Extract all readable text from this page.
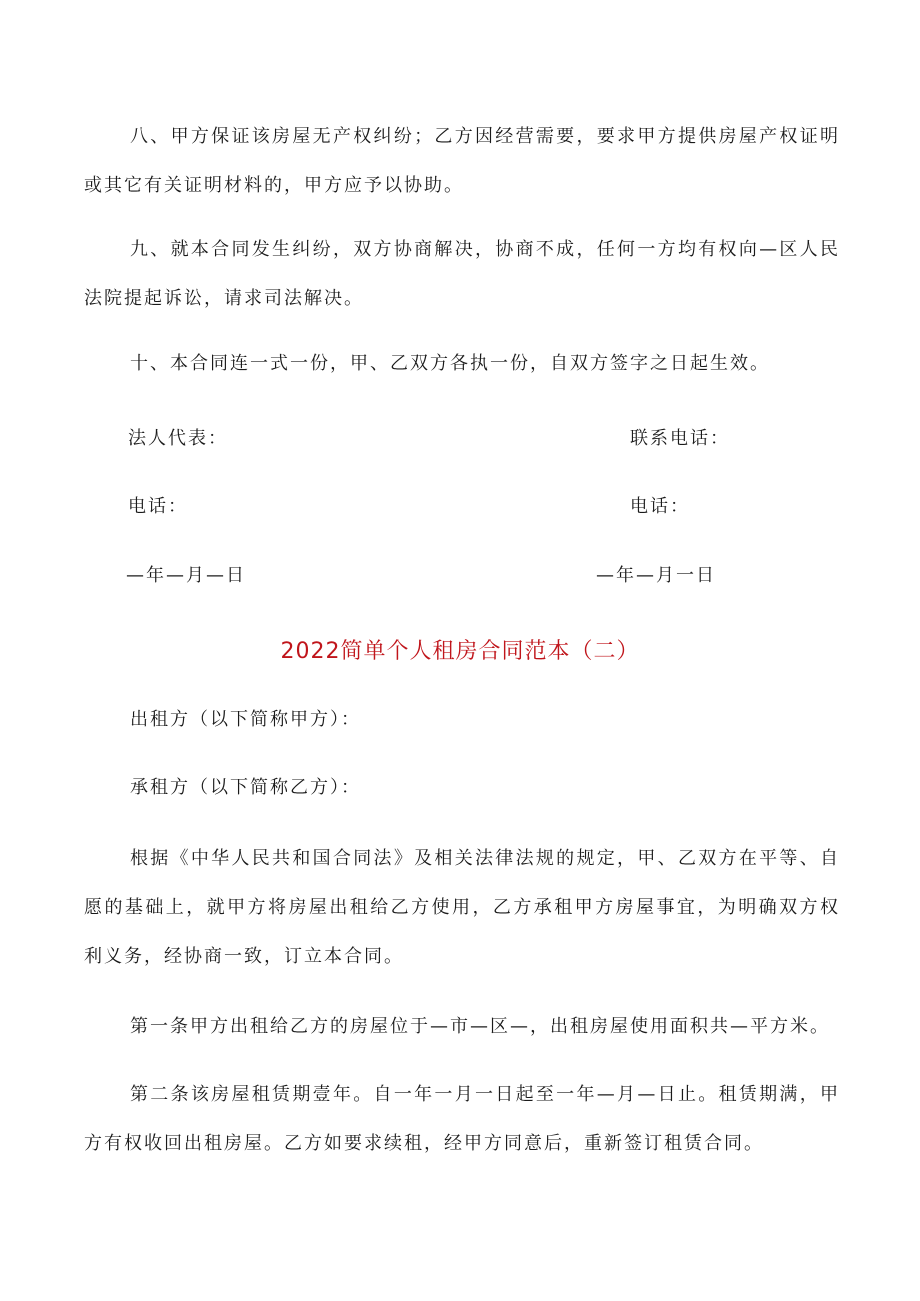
八、甲方保证该房屋无产权纠纷；乙方因经营需要，要求甲方提供房屋产权证明或其它有关证明材料的，甲方应予以协助。

九、就本合同发生纠纷，双方协商解决，协商不成，任何一方均有权向—区人民法院提起诉讼，请求司法解决。

十、本合同连一式一份，甲、乙双方各执一份，自双方签字之日起生效。

法人代表：	联系电话：
电话：	电话：
—年—月—日	—年—月一日
2022简单个人租房合同范本（二）
出租方（以下简称甲方）：
承租方（以下简称乙方）：

根据《中华人民共和国合同法》及相关法律法规的规定，甲、乙双方在平等、自愿的基础上，就甲方将房屋出租给乙方使用，乙方承租甲方房屋事宜，为明确双方权利义务，经协商一致，订立本合同。

第一条甲方出租给乙方的房屋位于—市—区—，出租房屋使用面积共—平方米。

第二条该房屋租赁期壹年。自一年一月一日起至一年—月—日止。租赁期满，甲方有权收回出租房屋。乙方如要求续租，经甲方同意后，重新签订租赁合同。
